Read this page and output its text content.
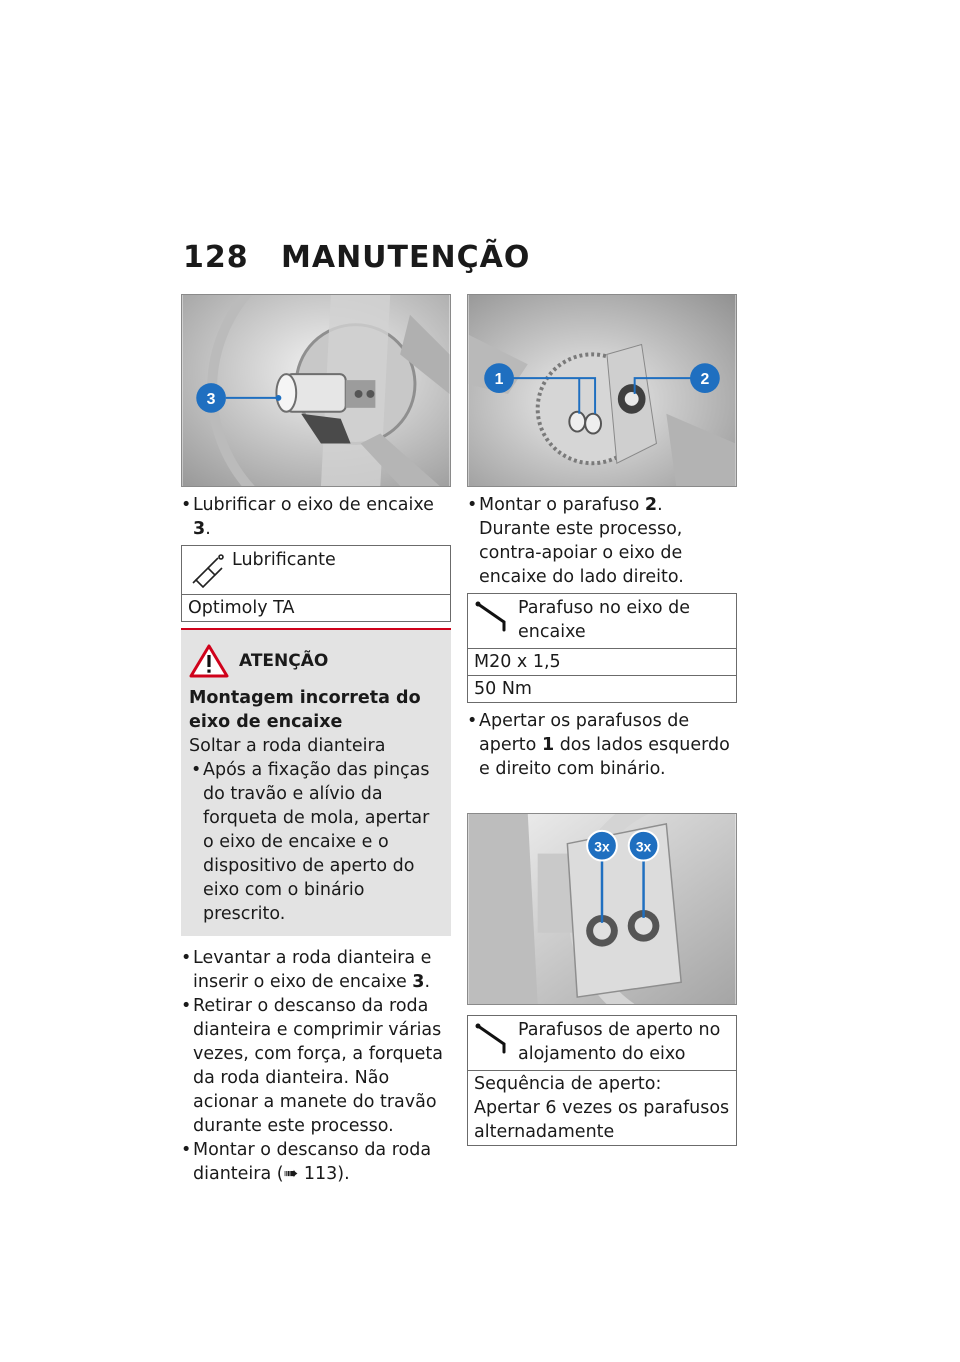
128 MANUTENÇÃO
3
• Lubrificar o eixo de encaixe 3.
Lubrificante
Optimoly TA
ATENÇÃO
Montagem incorreta do eixo de encaixe
Soltar a roda dianteira
• Após a fixação das pinças do travão e alívio da forqueta de mola, apertar o eixo de encaixe e o dispositivo de aperto do eixo com o binário prescrito.
• Levantar a roda dianteira e inserir o eixo de encaixe 3.
• Retirar o descanso da roda dianteira e comprimir várias vezes, com força, a forqueta da roda dianteira. Não acionar a manete do travão durante este processo.
• Montar o descanso da roda dianteira (➠ 113).
1	2
• Montar o parafuso 2. Durante este processo, contra-apoiar o eixo de encaixe do lado direito.
Parafuso no eixo de encaixe
M20 x 1,5
50 Nm
• Apertar os parafusos de aperto 1 dos lados esquerdo e direito com binário.
3x 3x
Parafusos de aperto no alojamento do eixo
Sequência de aperto: Apertar 6 vezes os parafusos alternadamente
